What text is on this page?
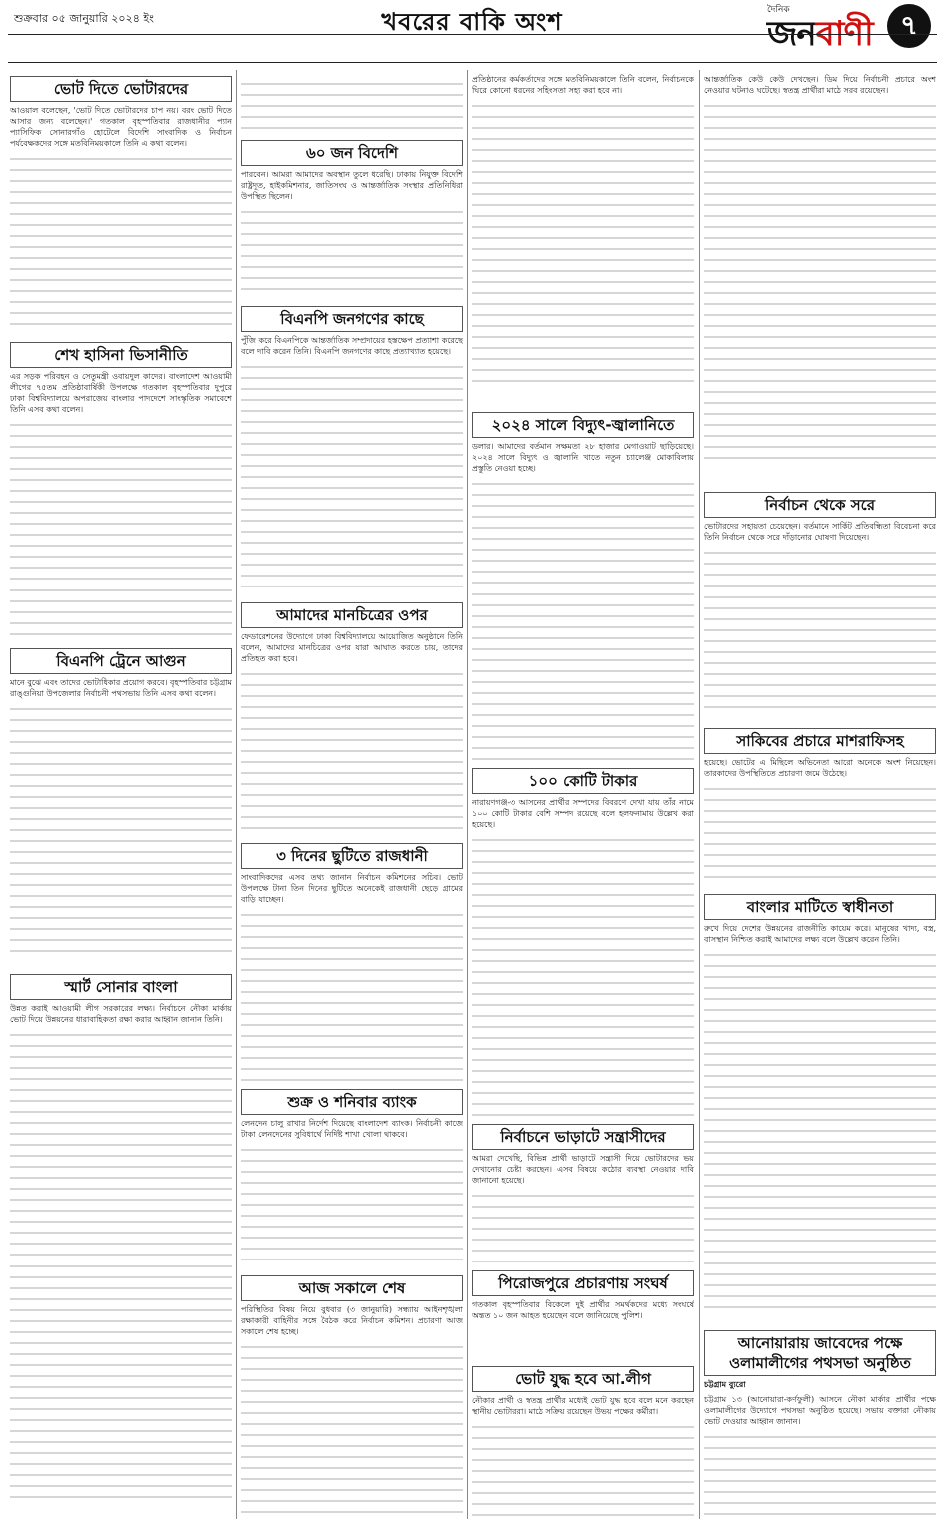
শুক্রবার ০৫ জানুয়ারি ২০২৪ ইং	খবরের বাকি অংশ	দৈনিক
জনবাণী ৭
ভোট দিতে ভোটারদের

আওয়াল বলেছেন, 'ভোট দিতে ভোটারদের চাপ নয়। বরং ভোট দিতে আসার জন্য বলেছেন।' গতকাল বৃহস্পতিবার রাজধানীর প্যান প্যাসিফিক সোনারগাঁও হোটেলে বিদেশি সাংবাদিক ও নির্বাচন পর্যবেক্ষকদের সঙ্গে মতবিনিময়কালে তিনি এ কথা বলেন।

শেখ হাসিনা ভিসানীতি

এর সড়ক পরিবহন ও সেতুমন্ত্রী ওবায়দুল কাদের। বাংলাদেশ আওয়ামী লীগের ৭৫তম প্রতিষ্ঠাবার্ষিকী উপলক্ষে গতকাল বৃহস্পতিবার দুপুরে ঢাকা বিশ্ববিদ্যালয়ে অপরাজেয় বাংলার পাদদেশে সাংস্কৃতিক সমাবেশে তিনি এসব কথা বলেন।

বিএনপি ট্রেনে আগুন

মানে বুঝে এবং তাদের ভোটাধিকার প্রয়োগ করবে। বৃহস্পতিবার চট্টগ্রাম রাঙ্গুনিয়া উপজেলার নির্বাচনী পথসভায় তিনি এসব কথা বলেন।

স্মার্ট সোনার বাংলা

উন্নত করাই আওয়ামী লীগ সরকারের লক্ষ্য। নির্বাচনে নৌকা মার্কায় ভোট দিয়ে উন্নয়নের ধারাবাহিকতা রক্ষা করার আহ্বান জানান তিনি।

৬০ জন বিদেশি

পারবেন। আমরা আমাদের অবস্থান তুলে ধরেছি। ঢাকায় নিযুক্ত বিদেশি রাষ্ট্রদূত, হাইকমিশনার, জাতিসংঘ ও আন্তর্জাতিক সংস্থার প্রতিনিধিরা উপস্থিত ছিলেন।

বিএনপি জনগণের কাছে

পুঁজি করে বিএনপিকে আন্তর্জাতিক সম্প্রদায়ের হস্তক্ষেপ প্রত্যাশা করেছে বলে দাবি করেন তিনি। বিএনপি জনগণের কাছে প্রত্যাখ্যাত হয়েছে।

আমাদের মানচিত্রের ওপর

ফেডারেশনের উদ্যোগে ঢাকা বিশ্ববিদ্যালয়ে আয়োজিত অনুষ্ঠানে তিনি বলেন, আমাদের মানচিত্রের ওপর যারা আঘাত করতে চায়, তাদের প্রতিহত করা হবে।

৩ দিনের ছুটিতে রাজধানী

সাংবাদিকদের এসব তথ্য জানান নির্বাচন কমিশনের সচিব। ভোট উপলক্ষে টানা তিন দিনের ছুটিতে অনেকেই রাজধানী ছেড়ে গ্রামের বাড়ি যাচ্ছেন।

শুক্র ও শনিবার ব্যাংক

লেনদেন চালু রাখার নির্দেশ দিয়েছে বাংলাদেশ ব্যাংক। নির্বাচনী কাজে টাকা লেনদেনের সুবিধার্থে নির্দিষ্ট শাখা খোলা থাকবে।

আজ সকালে শেষ

পরিস্থিতির বিষয় নিয়ে বুধবার (৩ জানুয়ারি) সন্ধ্যায় আইনশৃঙ্খলা রক্ষাকারী বাহিনীর সঙ্গে বৈঠক করে নির্বাচন কমিশন। প্রচারণা আজ সকালে শেষ হচ্ছে।

প্রতিষ্ঠানের কর্মকর্তাদের সঙ্গে মতবিনিময়কালে তিনি বলেন, নির্বাচনকে ঘিরে কোনো ধরনের সহিংসতা সহ্য করা হবে না।

২০২৪ সালে বিদ্যুৎ-জ্বালানিতে

ডলার। আমাদের বর্তমান সক্ষমতা ২৮ হাজার মেগাওয়াট ছাড়িয়েছে। ২০২৪ সালে বিদ্যুৎ ও জ্বালানি খাতে নতুন চ্যালেঞ্জ মোকাবিলায় প্রস্তুতি নেওয়া হচ্ছে।

১০০ কোটি টাকার

নারায়ণগঞ্জ-৩ আসনের প্রার্থীর সম্পদের বিবরণে দেখা যায় তাঁর নামে ১০০ কোটি টাকার বেশি সম্পদ রয়েছে বলে হলফনামায় উল্লেখ করা হয়েছে।

নির্বাচনে ভাড়াটে সন্ত্রাসীদের

আমরা দেখেছি, বিভিন্ন প্রার্থী ভাড়াটে সন্ত্রাসী দিয়ে ভোটারদের ভয় দেখানোর চেষ্টা করছেন। এসব বিষয়ে কঠোর ব্যবস্থা নেওয়ার দাবি জানানো হয়েছে।

পিরোজপুরে প্রচারণায় সংঘর্ষ

গতকাল বৃহস্পতিবার বিকেলে দুই প্রার্থীর সমর্থকদের মধ্যে সংঘর্ষে অন্তত ১০ জন আহত হয়েছেন বলে জানিয়েছে পুলিশ।

ভোট যুদ্ধ হবে আ.লীগ

নৌকার প্রার্থী ও স্বতন্ত্র প্রার্থীর মধ্যেই ভোট যুদ্ধ হবে বলে মনে করছেন স্থানীয় ভোটাররা। মাঠে সক্রিয় রয়েছেন উভয় পক্ষের কর্মীরা।

আন্তর্জাতিক কেউ কেউ দেখছেন। ডিম দিয়ে নির্বাচনী প্রচারে অংশ নেওয়ার ঘটনাও ঘটেছে। স্বতন্ত্র প্রার্থীরা মাঠে সরব রয়েছেন।

নির্বাচন থেকে সরে

ভোটারদের সহায়তা চেয়েছেন। বর্তমানে সার্কিট প্রতিবন্ধিতা বিবেচনা করে তিনি নির্বাচন থেকে সরে দাঁড়ানোর ঘোষণা দিয়েছেন।

সাকিবের প্রচারে মাশরাফিসহ

হয়েছে। ভোটের এ মিছিলে অভিনেতা আরো অনেকে অংশ নিয়েছেন। তারকাদের উপস্থিতিতে প্রচারণা জমে উঠেছে।

বাংলার মাটিতে স্বাধীনতা

রুখে দিয়ে দেশের উন্নয়নের রাজনীতি কায়েম করে। মানুষের খাদ্য, বস্ত্র, বাসস্থান নিশ্চিত করাই আমাদের লক্ষ্য বলে উল্লেখ করেন তিনি।

আনোয়ারায় জাবেদের পক্ষে ওলামালীগের পথসভা অনুষ্ঠিত
চট্টগ্রাম ব্যুরো

চট্টগ্রাম ১৩ (আনোয়ারা-কর্ণফুলী) আসনে নৌকা মার্কার প্রার্থীর পক্ষে ওলামালীগের উদ্যোগে পথসভা অনুষ্ঠিত হয়েছে। সভায় বক্তারা নৌকায় ভোট দেওয়ার আহ্বান জানান।
